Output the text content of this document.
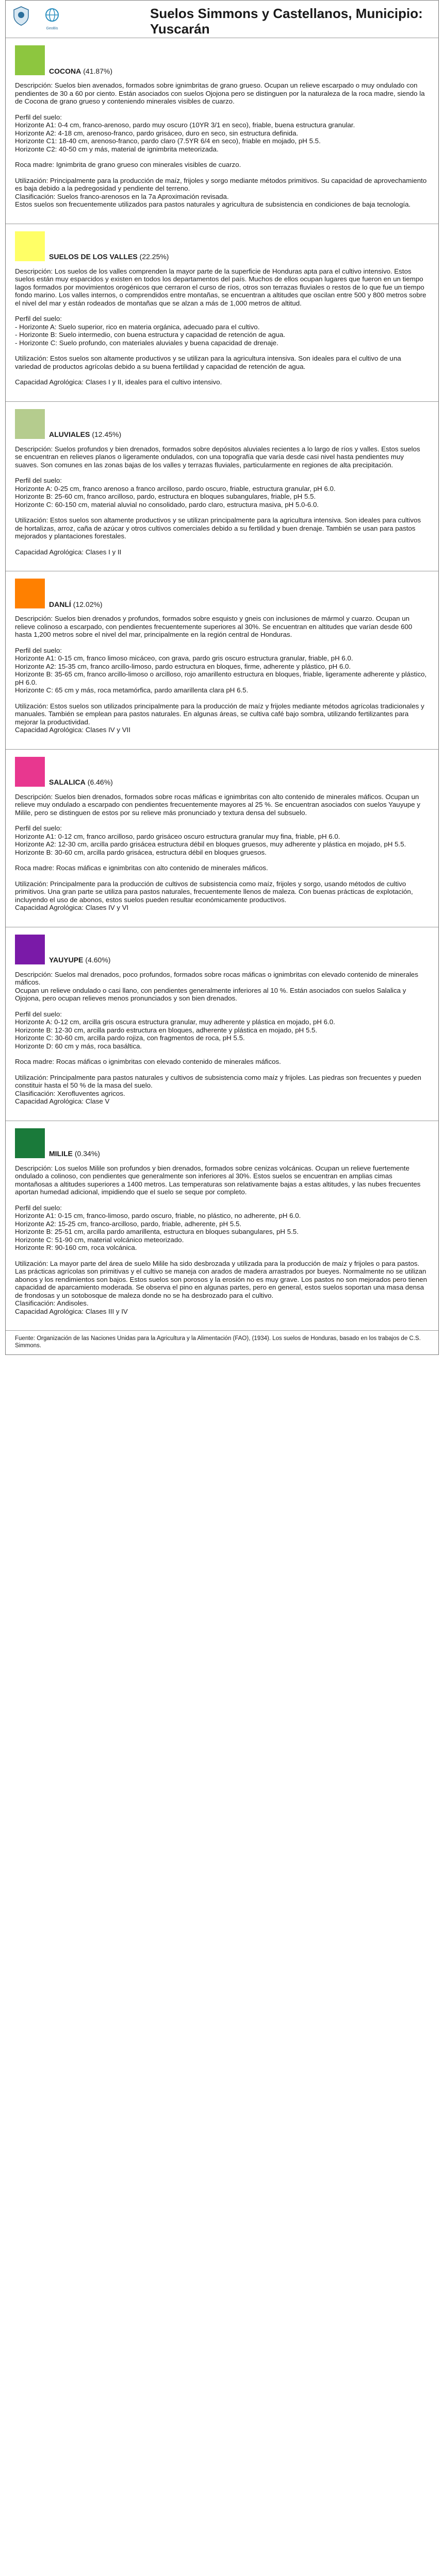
GeoBis
Suelos Simmons y Castellanos, Municipio:
Yuscarán
COCONA (41.87%)
Descripción: Suelos bien avenados, formados sobre ignimbritas de grano grueso. Ocupan un relieve escarpado o muy ondulado con pendientes de 30 a 60 por ciento. Están asociados con suelos Ojojona pero se distinguen por la naturaleza de la roca madre, siendo la de Cocona de grano grueso y conteniendo minerales visibles de cuarzo.
Perfil del suelo:
Horizonte A1: 0-4 cm, franco-arenoso, pardo muy oscuro (10YR 3/1 en seco), friable, buena estructura granular.
Horizonte A2: 4-18 cm, arenoso-franco, pardo grisáceo, duro en seco, sin estructura definida.
Horizonte C1: 18-40 cm, arenoso-franco, pardo claro (7.5YR 6/4 en seco), friable en mojado, pH 5.5.
Horizonte C2: 40-50 cm y más, material de ignimbrita meteorizada.
Roca madre: Ignimbrita de grano grueso con minerales visibles de cuarzo.
Utilización: Principalmente para la producción de maíz, frijoles y sorgo mediante métodos primitivos. Su capacidad de aprovechamiento es baja debido a la pedregosidad y pendiente del terreno.
Clasificación: Suelos franco-arenosos en la 7a Aproximación revisada.
Estos suelos son frecuentemente utilizados para pastos naturales y agricultura de subsistencia en condiciones de baja tecnología.
SUELOS DE LOS VALLES (22.25%)
Descripción: Los suelos de los valles comprenden la mayor parte de la superficie de Honduras apta para el cultivo intensivo. Estos suelos están muy esparcidos y existen en todos los departamentos del país. Muchos de ellos ocupan lugares que fueron en un tiempo lagos formados por movimientos orogénicos que cerraron el curso de ríos, otros son terrazas fluviales o restos de lo que fue un tiempo fondo marino. Los valles internos, o comprendidos entre montañas, se encuentran a altitudes que oscilan entre 500 y 800 metros sobre el nivel del mar y están rodeados de montañas que se alzan a más de 1,000 metros de altitud.
Perfil del suelo:
- Horizonte A: Suelo superior, rico en materia orgánica, adecuado para el cultivo.
- Horizonte B: Suelo intermedio, con buena estructura y capacidad de retención de agua.
- Horizonte C: Suelo profundo, con materiales aluviales y buena capacidad de drenaje.
Utilización: Estos suelos son altamente productivos y se utilizan para la agricultura intensiva. Son ideales para el cultivo de una variedad de productos agrícolas debido a su buena fertilidad y capacidad de retención de agua.
Capacidad Agrológica: Clases I y II, ideales para el cultivo intensivo.
ALUVIALES (12.45%)
Descripción: Suelos profundos y bien drenados, formados sobre depósitos aluviales recientes a lo largo de ríos y valles. Estos suelos se encuentran en relieves planos o ligeramente ondulados, con una topografía que varía desde casi nivel hasta pendientes muy suaves. Son comunes en las zonas bajas de los valles y terrazas fluviales, particularmente en regiones de alta precipitación.
Perfil del suelo:
Horizonte A: 0-25 cm, franco arenoso a franco arcilloso, pardo oscuro, friable, estructura granular, pH 6.0.
Horizonte B: 25-60 cm, franco arcilloso, pardo, estructura en bloques subangulares, friable, pH 5.5.
Horizonte C: 60-150 cm, material aluvial no consolidado, pardo claro, estructura masiva, pH 5.0-6.0.
Utilización: Estos suelos son altamente productivos y se utilizan principalmente para la agricultura intensiva. Son ideales para cultivos de hortalizas, arroz, caña de azúcar y otros cultivos comerciales debido a su fertilidad y buen drenaje. También se usan para pastos mejorados y plantaciones forestales.
Capacidad Agrológica: Clases I y II
DANLÍ (12.02%)
Descripción: Suelos bien drenados y profundos, formados sobre esquisto y gneis con inclusiones de mármol y cuarzo. Ocupan un relieve colinoso a escarpado, con pendientes frecuentemente superiores al 30%. Se encuentran en altitudes que varían desde 600 hasta 1,200 metros sobre el nivel del mar, principalmente en la región central de Honduras.
Perfil del suelo:
Horizonte A1: 0-15 cm, franco limoso micáceo, con grava, pardo gris oscuro estructura granular, friable, pH 6.0.
Horizonte A2: 15-35 cm, franco arcillo-limoso, pardo estructura en bloques, firme, adherente y plástico, pH 6.0.
Horizonte B: 35-65 cm, franco arcillo-limoso o arcilloso, rojo amarillento estructura en bloques, friable, ligeramente adherente y plástico, pH 6.0.
Horizonte C: 65 cm y más, roca metamórfica, pardo amarillenta clara pH 6.5.
Utilización: Estos suelos son utilizados principalmente para la producción de maíz y frijoles mediante métodos agrícolas tradicionales y manuales. También se emplean para pastos naturales. En algunas áreas, se cultiva café bajo sombra, utilizando fertilizantes para mejorar la productividad.
Capacidad Agrológica: Clases IV y VII
SALALICA (6.46%)
Descripción: Suelos bien drenados, formados sobre rocas máficas e ignimbritas con alto contenido de minerales máficos. Ocupan un relieve muy ondulado a escarpado con pendientes frecuentemente mayores al 25 %. Se encuentran asociados con suelos Yauyupe y Milile, pero se distinguen de estos por su relieve más pronunciado y textura densa del subsuelo.
Perfil del suelo:
Horizonte A1: 0-12 cm, franco arcilloso, pardo grisáceo oscuro estructura granular muy fina, friable, pH 6.0.
Horizonte A2: 12-30 cm, arcilla pardo grisácea estructura débil en bloques gruesos, muy adherente y plástica en mojado, pH 5.5.
Horizonte B: 30-60 cm, arcilla pardo grisácea, estructura débil en bloques gruesos.
Roca madre: Rocas máficas e ignimbritas con alto contenido de minerales máficos.
Utilización: Principalmente para la producción de cultivos de subsistencia como maíz, frijoles y sorgo, usando métodos de cultivo primitivos. Una gran parte se utiliza para pastos naturales, frecuentemente llenos de maleza. Con buenas prácticas de explotación, incluyendo el uso de abonos, estos suelos pueden resultar económicamente productivos.
Capacidad Agrológica: Clases IV y VI
YAUYUPE (4.60%)
Descripción: Suelos mal drenados, poco profundos, formados sobre rocas máficas o ignimbritas con elevado contenido de minerales máficos.
Ocupan un relieve ondulado o casi llano, con pendientes generalmente inferiores al 10 %. Están asociados con suelos Salalica y Ojojona, pero ocupan relieves menos pronunciados y son bien drenados.
Perfil del suelo:
Horizonte A: 0-12 cm, arcilla gris oscura estructura granular, muy adherente y plástica en mojado, pH 6.0.
Horizonte B: 12-30 cm, arcilla pardo estructura en bloques, adherente y plástica en mojado, pH 5.5.
Horizonte C: 30-60 cm, arcilla pardo rojiza, con fragmentos de roca, pH 5.5.
Horizonte D: 60 cm y más, roca basáltica.
Roca madre: Rocas máficas o ignimbritas con elevado contenido de minerales máficos.
Utilización: Principalmente para pastos naturales y cultivos de subsistencia como maíz y frijoles. Las piedras son frecuentes y pueden constituir hasta el 50 % de la masa del suelo.
Clasificación: Xerofluventes agricos.
Capacidad Agrológica: Clase V
MILILE (0.34%)
Descripción: Los suelos Milile son profundos y bien drenados, formados sobre cenizas volcánicas. Ocupan un relieve fuertemente ondulado a colinoso, con pendientes que generalmente son inferiores al 30%. Estos suelos se encuentran en amplias cimas montañosas a altitudes superiores a 1400 metros. Las temperaturas son relativamente bajas a estas altitudes, y las nubes frecuentes aportan humedad adicional, impidiendo que el suelo se seque por completo.
Perfil del suelo:
Horizonte A1: 0-15 cm, franco-limoso, pardo oscuro, friable, no plástico, no adherente, pH 6.0.
Horizonte A2: 15-25 cm, franco-arcilloso, pardo, friable, adherente, pH 5.5.
Horizonte B: 25-51 cm, arcilla pardo amarillenta, estructura en bloques subangulares, pH 5.5.
Horizonte C: 51-90 cm, material volcánico meteorizado.
Horizonte R: 90-160 cm, roca volcánica.
Utilización: La mayor parte del área de suelo Milile ha sido desbrozada y utilizada para la producción de maíz y frijoles o para pastos. Las prácticas agrícolas son primitivas y el cultivo se maneja con arados de madera arrastrados por bueyes. Normalmente no se utilizan abonos y los rendimientos son bajos. Estos suelos son porosos y la erosión no es muy grave. Los pastos no son mejorados pero tienen capacidad de aparcamiento moderada. Se observa el pino en algunas partes, pero en general, estos suelos soportan una masa densa de frondosas y un sotobosque de maleza donde no se ha desbrozado para el cultivo.
Clasificación: Andisoles.
Capacidad Agrológica: Clases III y IV
Fuente: Organización de las Naciones Unidas para la Agricultura y la Alimentación (FAO), (1934). Los suelos de Honduras, basado en los trabajos de C.S. Simmons.
